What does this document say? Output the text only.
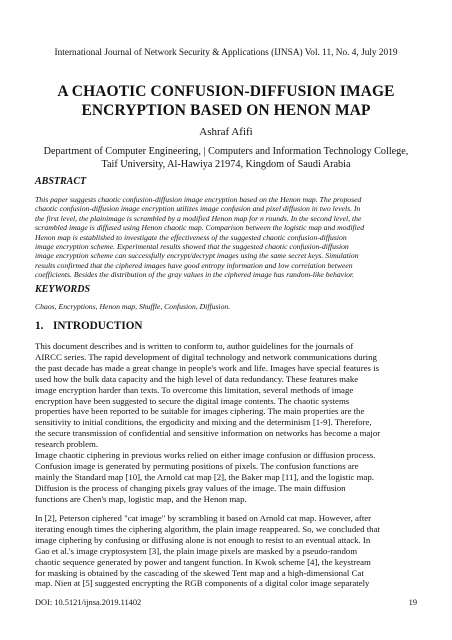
International Journal of Network Security & Applications (IJNSA) Vol. 11, No. 4, July 2019
A CHAOTIC CONFUSION-DIFFUSION IMAGE
ENCRYPTION BASED ON HENON MAP
Ashraf Afifi
Department of Computer Engineering, | Computers and Information Technology College,
Taif University, Al-Hawiya 21974, Kingdom of Saudi Arabia
ABSTRACT
This paper suggests chaotic confusion-diffusion image encryption based on the Henon map. The proposed
chaotic confusion-diffusion image encryption utilizes image confusion and pixel diffusion in two levels. In
the first level, the plainimage is scrambled by a modified Henon map for n rounds. In the second level, the
scrambled image is diffused using Henon chaotic map. Comparison between the logistic map and modified
Henon map is established to investigate the effectiveness of the suggested chaotic confusion-diffusion
image encryption scheme. Experimental results showed that the suggested chaotic confusion-diffusion
image encryption scheme can successfully encrypt/decrypt images using the same secret keys. Simulation
results confirmed that the ciphered images have good entropy information and low correlation between
coefficients. Besides the distribution of the gray values in the ciphered image has random-like behavior.
KEYWORDS
Chaos, Encryptions, Henon map, Shuffle, Confusion, Diffusion.
1. INTRODUCTION
This document describes and is written to conform to, author guidelines for the journals of
AIRCC series. The rapid development of digital technology and network communications during
the past decade has made a great change in people's work and life. Images have special features is
used how the bulk data capacity and the high level of data redundancy. These features make
image encryption harder than texts. To overcome this limitation, several methods of image
encryption have been suggested to secure the digital image contents. The chaotic systems
properties have been reported to be suitable for images ciphering. The main properties are the
sensitivity to initial conditions, the ergodicity and mixing and the determinism [1-9]. Therefore,
the secure transmission of confidential and sensitive information on networks has become a major
research problem.
Image chaotic ciphering in previous works relied on either image confusion or diffusion process.
Confusion image is generated by permuting positions of pixels. The confusion functions are
mainly the Standard map [10], the Arnold cat map [2], the Baker map [11], and the logistic map.
Diffusion is the process of changing pixels gray values of the image. The main diffusion
functions are Chen's map, logistic map, and the Henon map.
In [2], Peterson ciphered "cat image" by scrambling it based on Arnold cat map. However, after
iterating enough times the ciphering algorithm, the plain image reappeared. So, we concluded that
image ciphering by confusing or diffusing alone is not enough to resist to an eventual attack. In
Gao et al.'s image cryptosystem [3], the plain image pixels are masked by a pseudo-random
chaotic sequence generated by power and tangent function. In Kwok scheme [4], the keystream
for masking is obtained by the cascading of the skewed Tent map and a high-dimensional Cat
map. Nien at [5] suggested encrypting the RGB components of a digital color image separately
DOI: 10.5121/ijnsa.2019.11402	19
